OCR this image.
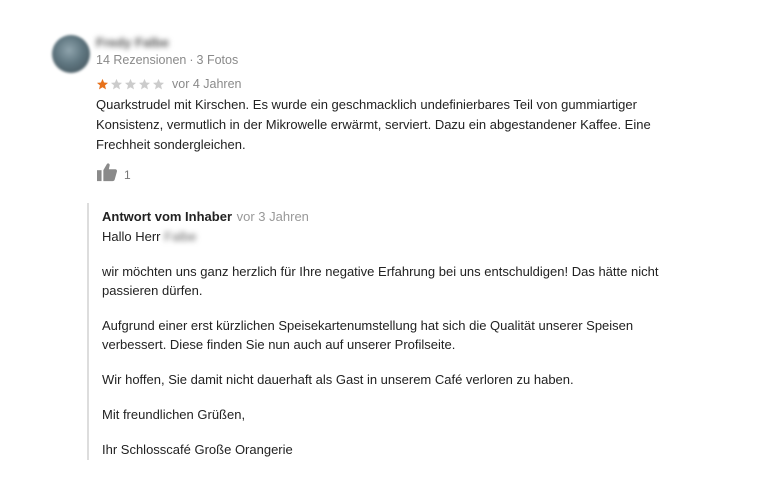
Fredy Falbe
14 Rezensionen · 3 Fotos
vor 4 Jahren
Quarkstrudel mit Kirschen. Es wurde ein geschmacklich undefinierbares Teil von gummiartiger Konsistenz, vermutlich in der Mikrowelle erwärmt, serviert. Dazu ein abgestandener Kaffee. Eine Frechheit sondergleichen.
1
Antwort vom Inhaber vor 3 Jahren

Hallo Herr Falbe

wir möchten uns ganz herzlich für Ihre negative Erfahrung bei uns entschuldigen! Das hätte nicht passieren dürfen.

Aufgrund einer erst kürzlichen Speisekartenumstellung hat sich die Qualität unserer Speisen verbessert. Diese finden Sie nun auch auf unserer Profilseite.

Wir hoffen, Sie damit nicht dauerhaft als Gast in unserem Café verloren zu haben.

Mit freundlichen Grüßen,

Ihr Schlosscafé Große Orangerie
